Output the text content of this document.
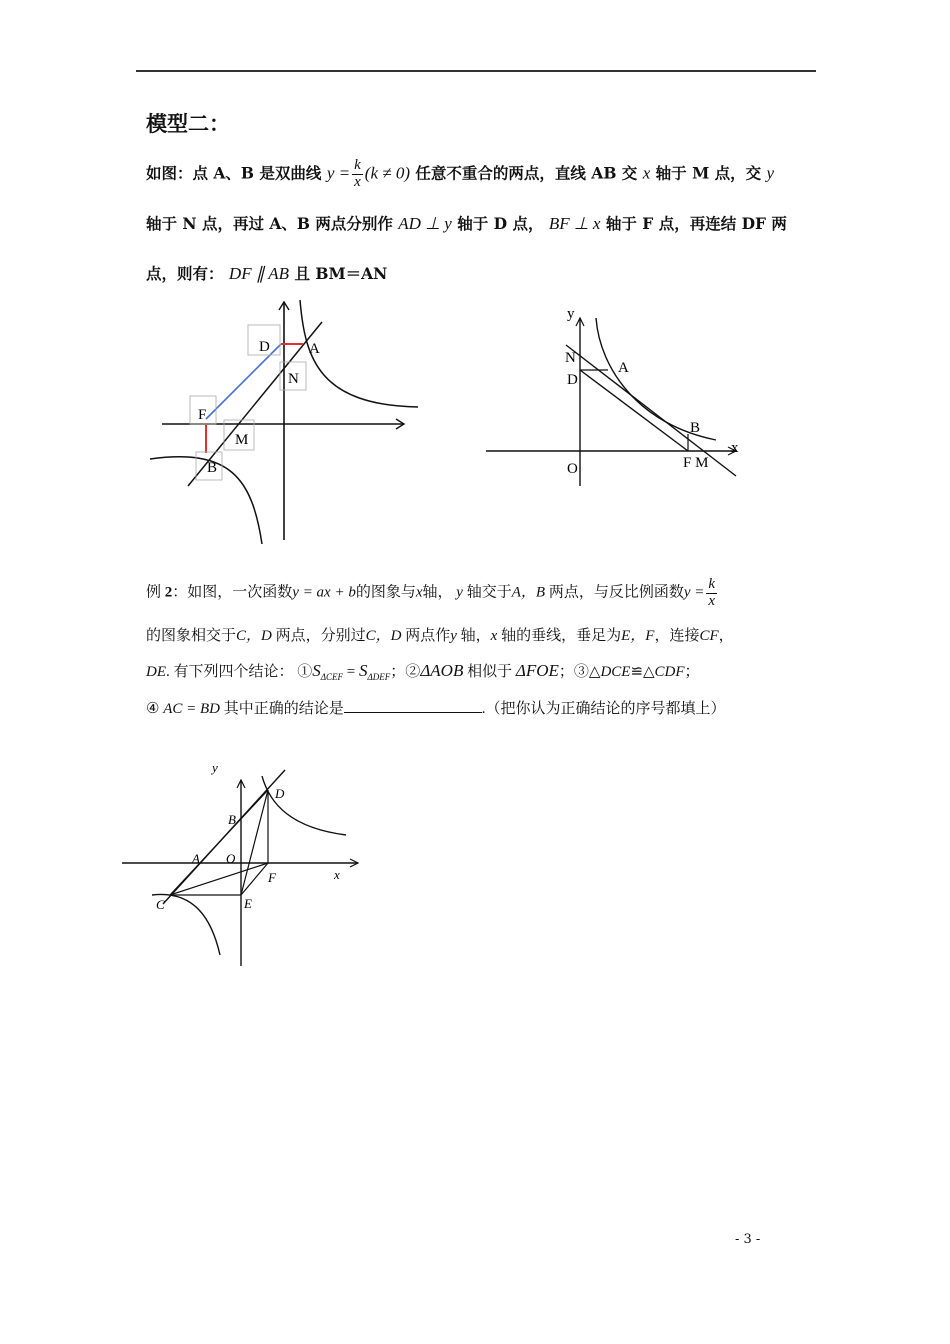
模型二：
如图：点 A、B 是双曲线 $y = \frac{k}{x} (k \ne 0)$ 任意不重合的两点，直线 AB 交 x 轴于 M 点，交 y
轴于 N 点，再过 A、B 两点分别作 AD ⊥ y 轴于 D 点， BF ⊥ x 轴于 F 点，再连结 DF 两
点，则有： DF ∥ AB 且 BM＝AN
D	A
N
F
M
B
y
N
A
D
B
x
O	F M
例 2：如图，一次函数y = ax + b的图象与x轴， y 轴交于A，B 两点，与反比例函数$y = \frac{k}{x}$
的图象相交于C，D 两点，分别过C，D 两点作y 轴，x 轴的垂线，垂足为E，F，连接CF，
DE. 有下列四个结论： $①S_{\Delta CEF} = S_{\Delta DEF}$；②ΔAOB 相似于 ΔFOE；③△DCE≌△CDF；
④ AC = BD 其中正确的结论是	.（把你认为正确结论的序号都填上）
y
D
B
A O
F	x
C	E
- 3 -
